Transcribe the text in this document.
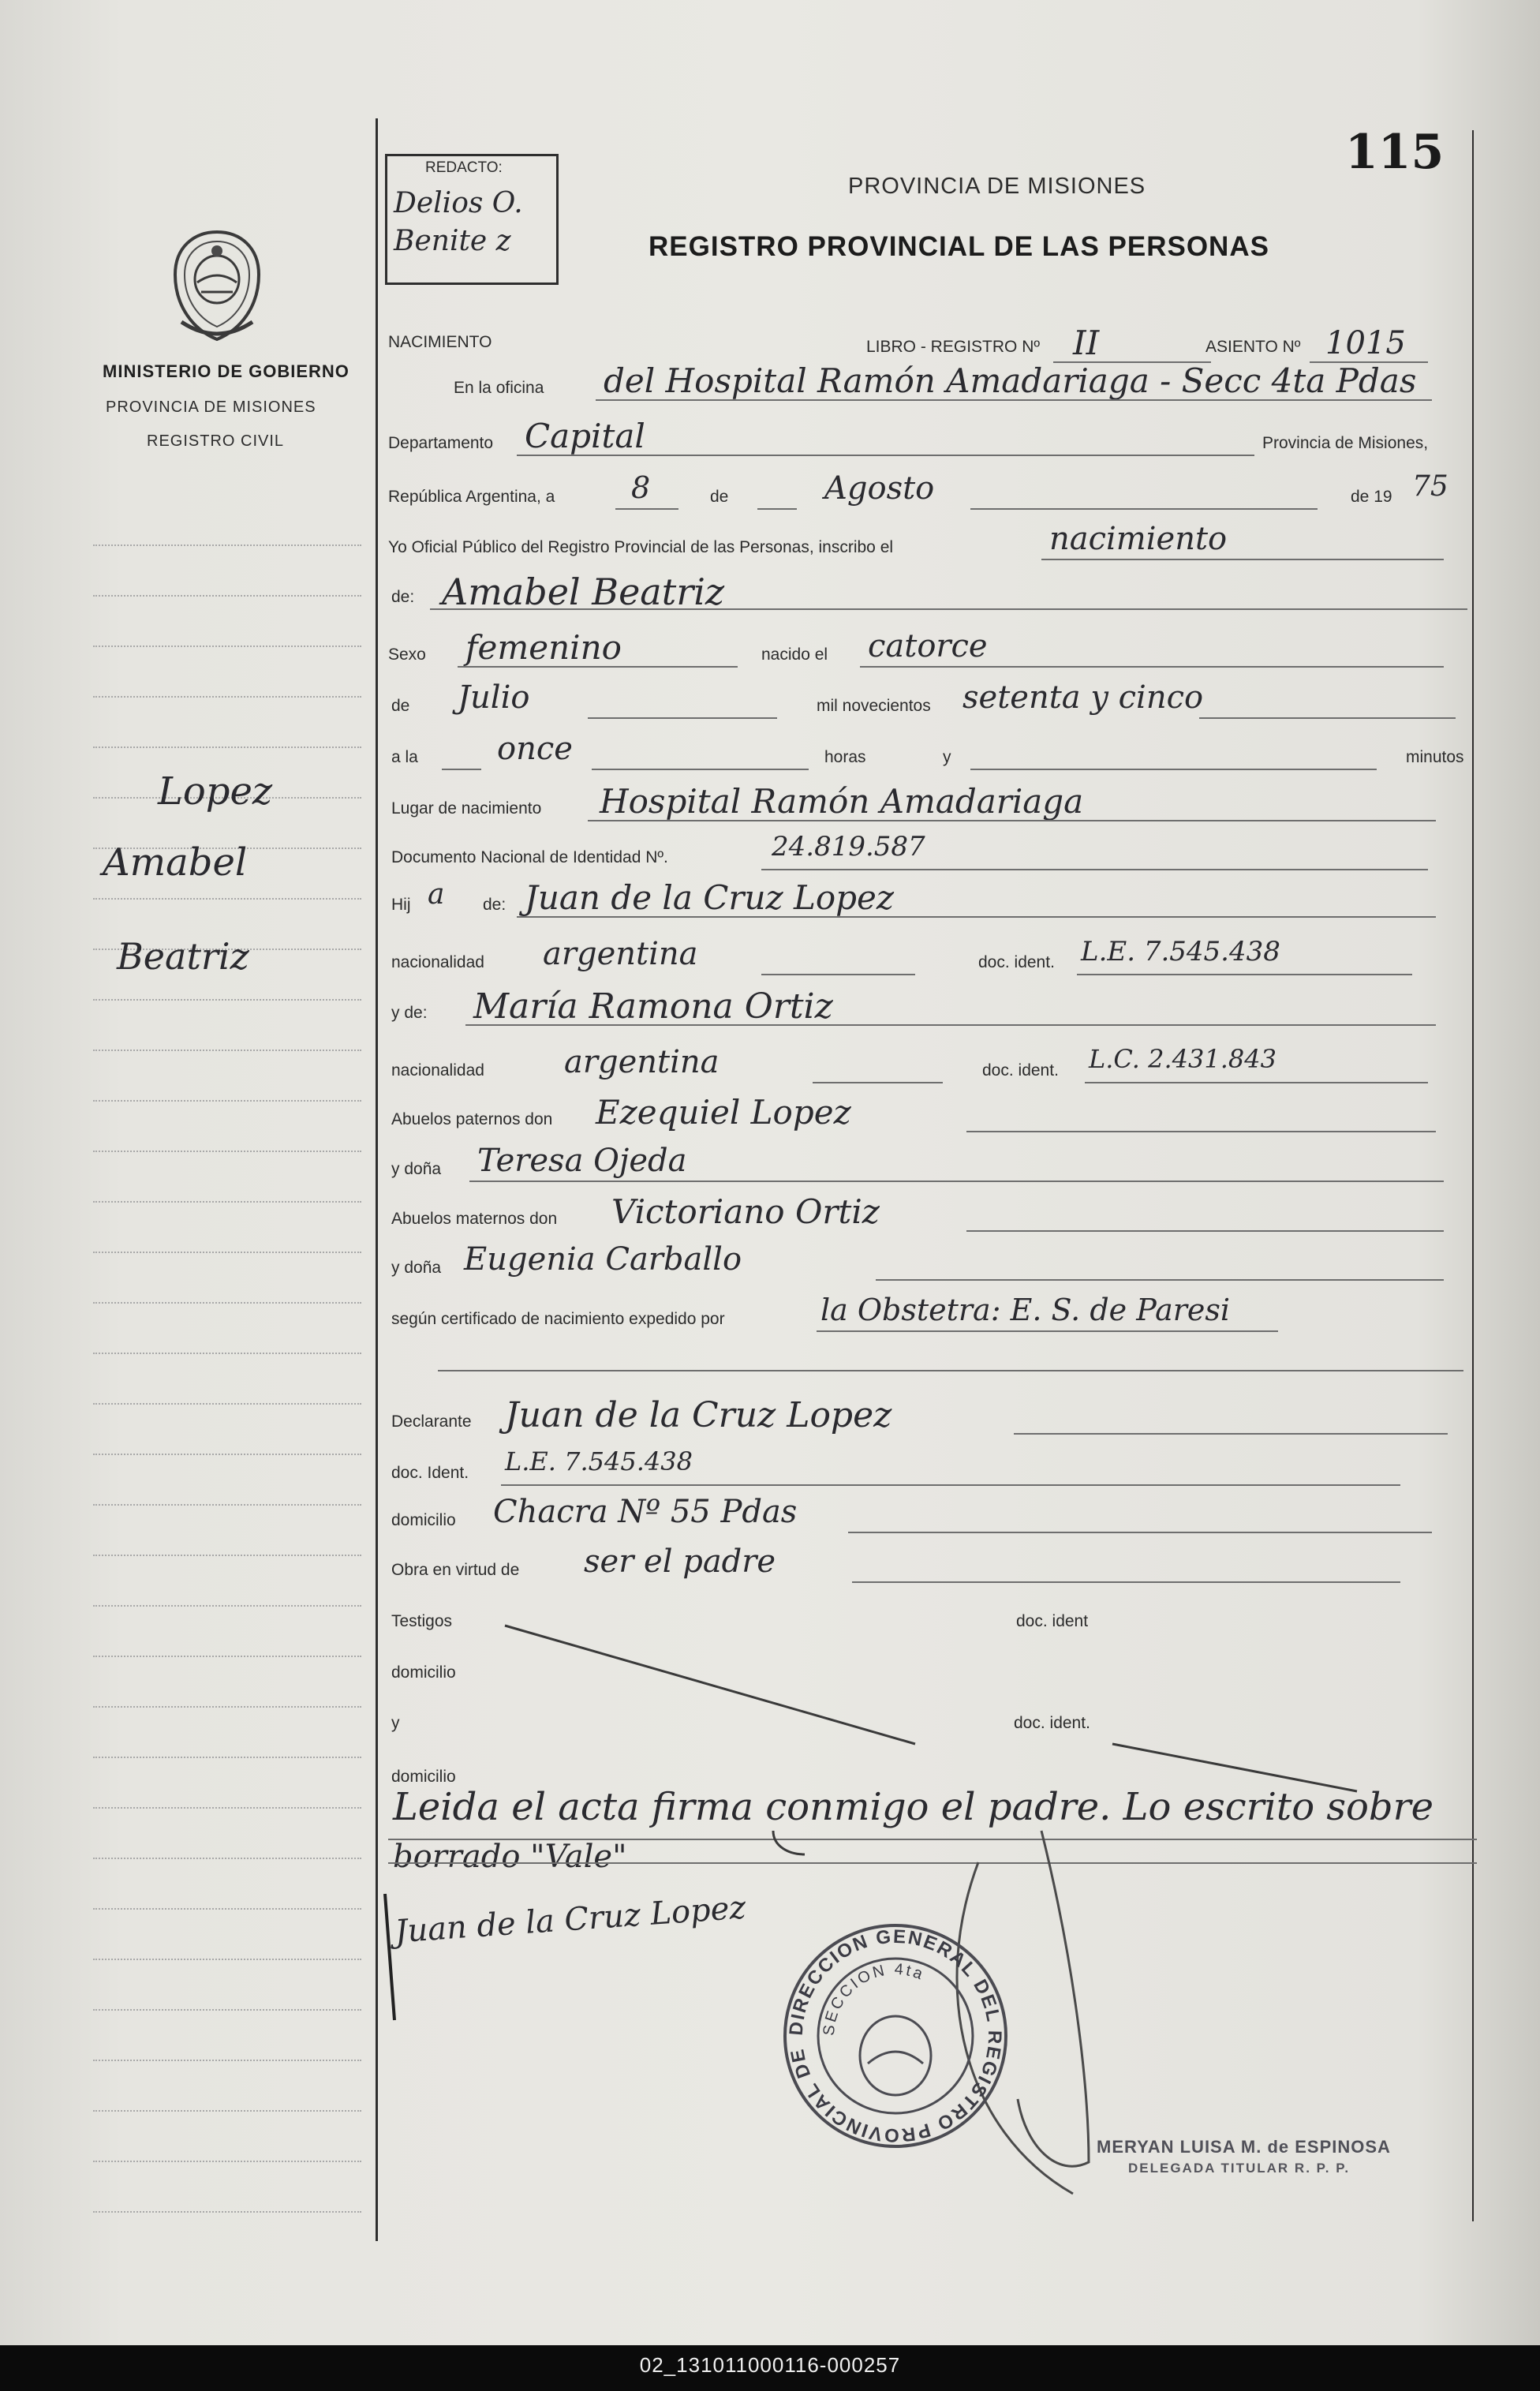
MINISTERIO DE GOBIERNO
PROVINCIA DE MISIONES
REGISTRO CIVIL
Lopez
Amabel
Beatriz
REDACTO:
Delios O. Benite z
115
PROVINCIA DE MISIONES
REGISTRO PROVINCIAL DE LAS PERSONAS
NACIMIENTO	LIBRO - REGISTRO Nº II	ASIENTO Nº 1015
En la oficina del Hospital Ramón Amadariaga - Secc 4ta Pdas
Departamento Capital	Provincia de Misiones,
República Argentina, a	8	de	Agosto	de 19 75
Yo Oficial Público del Registro Provincial de las Personas, inscribo el	nacimiento
de: Amabel Beatriz
Sexo femenino	nacido el catorce
de Julio	mil novecientos setenta y cinco
a la	once	horas	y	minutos
Lugar de nacimiento Hospital Ramón Amadariaga
Documento Nacional de Identidad Nº.	24.819.587
Hij a de: Juan de la Cruz Lopez
nacionalidad argentina	doc. ident. L.E. 7.545.438
y de: María Ramona Ortiz
nacionalidad	argentina	doc. ident. L.C. 2.431.843
Abuelos paternos don Ezequiel Lopez
y doña Teresa Ojeda
Abuelos maternos don Victoriano Ortiz
y doña Eugenia Carballo
según certificado de nacimiento expedido por	la Obstetra: E. S. de Paresi
Declarante Juan de la Cruz Lopez
doc. Ident. L.E. 7.545.438
domicilio Chacra Nº 55 Pdas
Obra en virtud de ser el padre
Testigos	doc. ident
domicilio
y	doc. ident.
domicilio
Leida el acta firma conmigo el padre. Lo escrito sobre
borrado "Vale"
Juan de la Cruz Lopez
DIRECCION GENERAL DEL REGISTRO PROVINCIAL DE
SECCION 4ta
MERYAN LUISA M. de ESPINOSA
DELEGADA TITULAR R. P. P.
02_131011000116-000257
